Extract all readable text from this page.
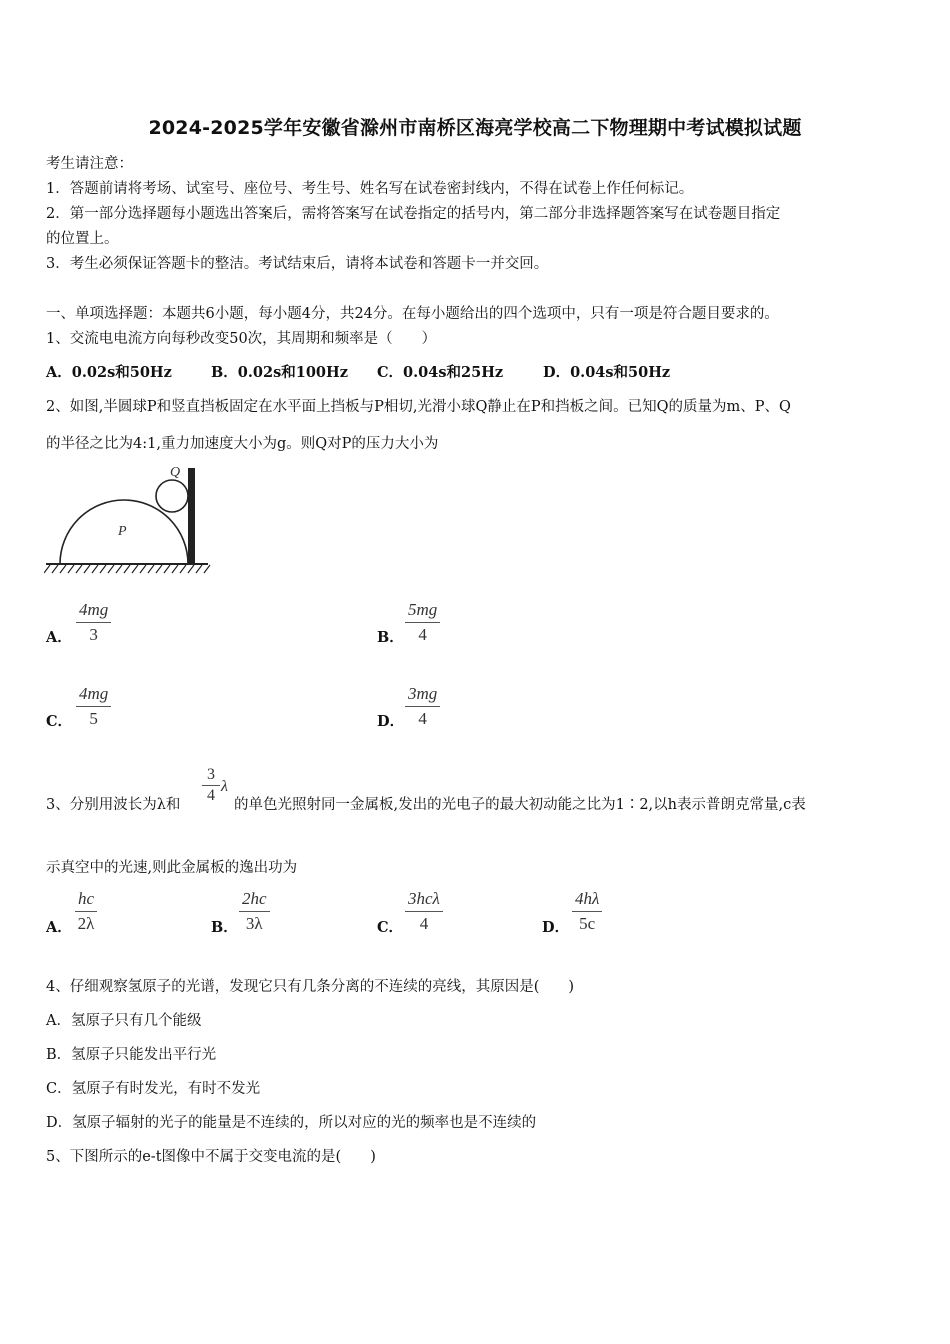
2024-2025学年安徽省滁州市南桥区海亮学校高二下物理期中考试模拟试题
考生请注意：
1．答题前请将考场、试室号、座位号、考生号、姓名写在试卷密封线内，不得在试卷上作任何标记。
2．第一部分选择题每小题选出答案后，需将答案写在试卷指定的括号内，第二部分非选择题答案写在试卷题目指定
的位置上。
3．考生必须保证答题卡的整洁。考试结束后，请将本试卷和答题卡一并交回。
一、单项选择题：本题共6小题，每小题4分，共24分。在每小题给出的四个选项中，只有一项是符合题目要求的。
1、交流电电流方向每秒改变50次，其周期和频率是（　　）
A．0.02s和50Hz	B．0.02s和100Hz C．0.04s和25Hz	D．0.04s和50Hz
2、如图,半圆球P和竖直挡板固定在水平面上挡板与P相切,光滑小球Q静止在P和挡板之间。已知Q的质量为m、P、Q
的半径之比为4:1,重力加速度大小为g。则Q对P的压力大小为
P
Q
A． $\frac{4mg}{3}$	B． $\frac{5mg}{4}$
C． $\frac{4mg}{5}$	D． $\frac{3mg}{4}$
3、分别用波长为λ和 $\frac{3}{4}$ λ
的单色光照射同一金属板,发出的光电子的最大初动能之比为1∶2,以h表示普朗克常量,c表
示真空中的光速,则此金属板的逸出功为
A． $\frac{hc}{2\lambda}$	B． $\frac{2hc}{3\lambda}$	C．
3hcλ
4	D． $\frac{4h\lambda}{5c}$
4、仔细观察氢原子的光谱，发现它只有几条分离的不连续的亮线，其原因是(　　)
A．氢原子只有几个能级
B．氢原子只能发出平行光
C．氢原子有时发光，有时不发光
D．氢原子辐射的光子的能量是不连续的，所以对应的光的频率也是不连续的
5、下图所示的e-t图像中不属于交变电流的是(　　)
